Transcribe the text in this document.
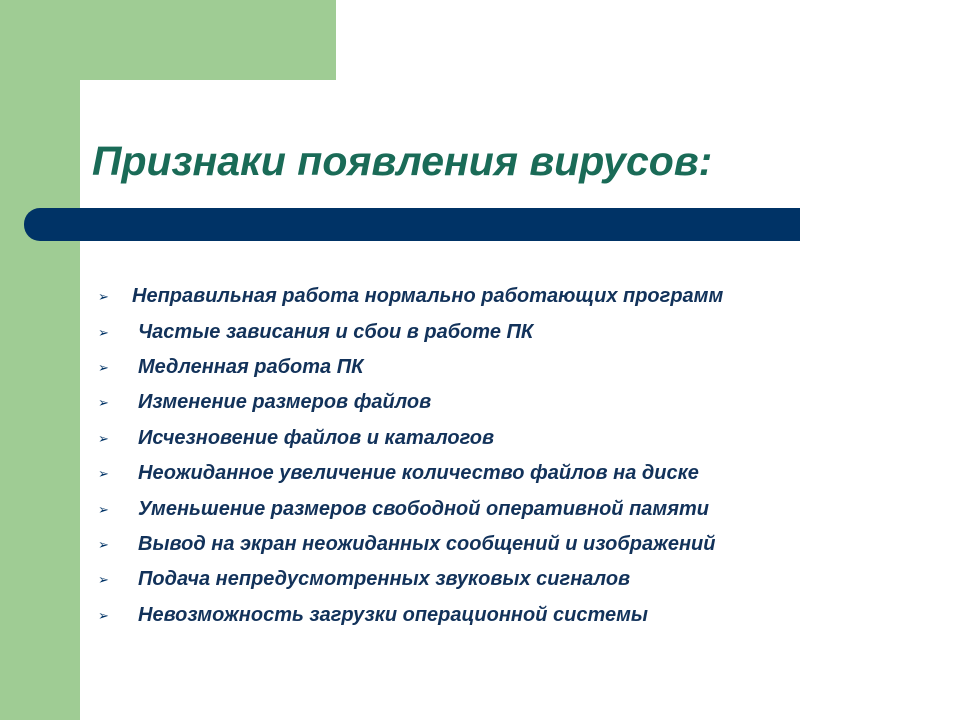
Признаки появления вирусов:
➢	Неправильная работа нормально работающих программ
➢	Частые зависания и сбои в работе ПК
➢	Медленная работа ПК
➢	Изменение размеров файлов
➢	Исчезновение файлов и каталогов
➢	Неожиданное увеличение количество файлов на диске
➢	Уменьшение размеров свободной оперативной памяти
➢	Вывод на экран неожиданных сообщений и изображений
➢	Подача непредусмотренных звуковых сигналов
➢	Невозможность загрузки операционной системы
